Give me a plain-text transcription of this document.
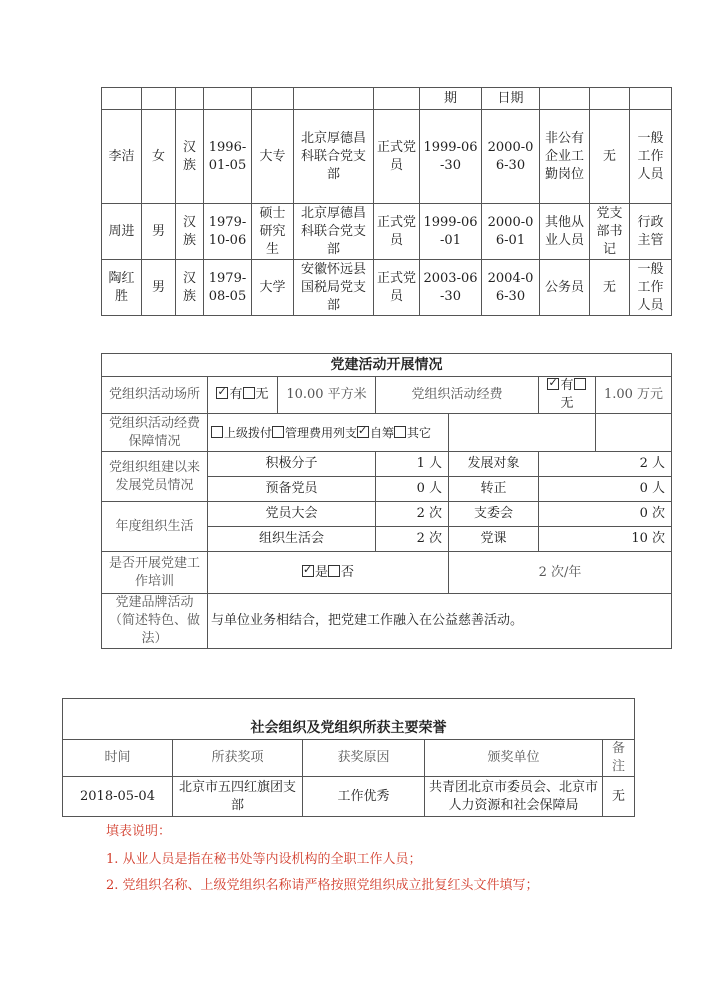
							期	日期			
李洁	女	汉族	1996-01-05	大专	北京厚德昌科联合党支部	正式党员	1999-06-30	2000-06-30	非公有企业工勤岗位	无	一般工作人员
周进	男	汉族	1979-10-06	硕士研究生	北京厚德昌科联合党支部	正式党员	1999-06-01	2000-06-01	其他从业人员	党支部书记	行政主管
陶红胜	男	汉族	1979-08-05	大学	安徽怀远县国税局党支部	正式党员	2003-06-30	2004-06-30	公务员	无	一般工作人员
党建活动开展情况						
党组织活动场所	✓有 无	10.00 平方米	党组织活动经费	✓有无	1.00 万元
党组织活动经费保障情况	上级拨付 管理费用列支 ✓ 自筹 其它		
党组织组建以来发展党员情况	积极分子		1 人	发展对象	2 人	
	预备党员		0 人	转正	0 人	
年度组织生活	党员大会		2 次	支委会	0 次	
	组织生活会		2 次	党课	10 次	
是否开展党建工作培训	✓是 否			2 次/年		
党建品牌活动（简述特色、做法）	与单位业务相结合，把党建工作融入在公益慈善活动。					
社会组织及党组织所获主要荣誉				
时间	所获奖项	获奖原因	颁奖单位	备注
2018-05-04	北京市五四红旗团支部	工作优秀	共青团北京市委员会、北京市人力资源和社会保障局	无
填表说明：
1. 从业人员是指在秘书处等内设机构的全职工作人员；
2. 党组织名称、上级党组织名称请严格按照党组织成立批复红头文件填写；
